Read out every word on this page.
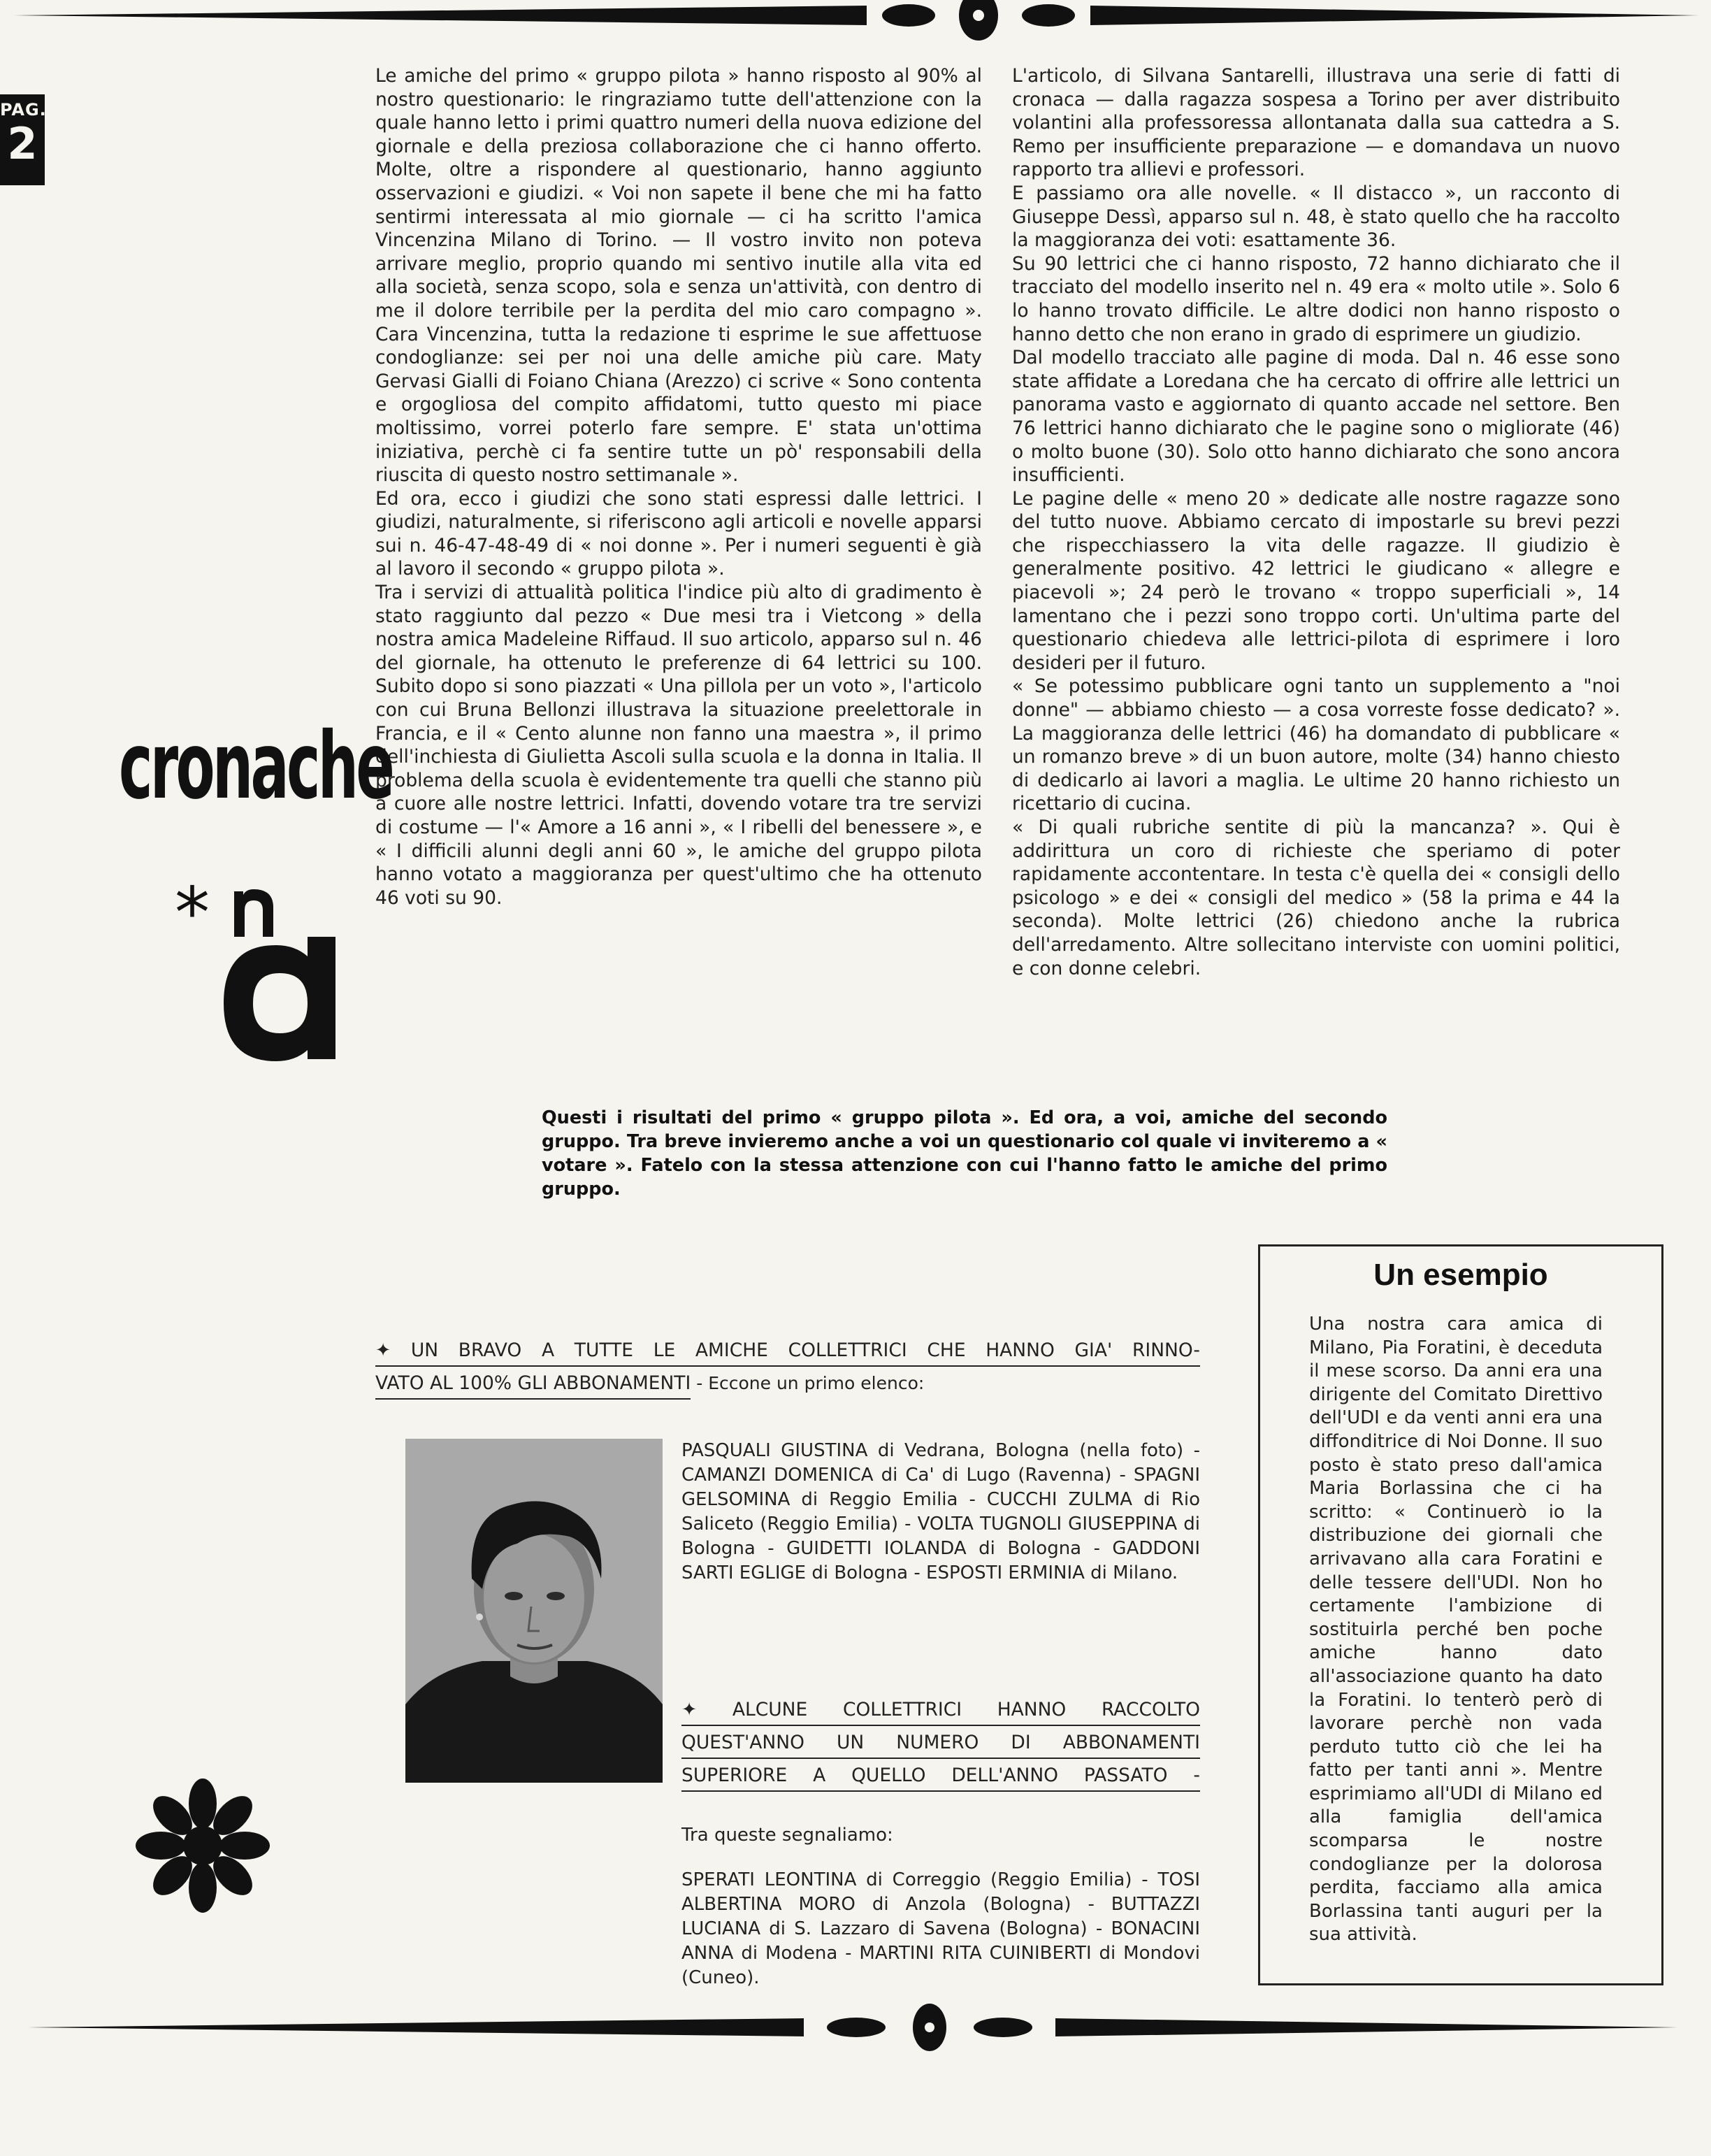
PAG.
2

Le amiche del primo « gruppo pilota » hanno risposto al 90% al nostro questionario: le ringraziamo tutte dell'attenzione con la quale hanno letto i primi quattro numeri della nuova edizione del giornale e della preziosa collaborazione che ci hanno offerto. Molte, oltre a rispondere al questionario, hanno aggiunto osservazioni e giudizi. « Voi non sapete il bene che mi ha fatto sentirmi interessata al mio giornale — ci ha scritto l'amica Vincenzina Milano di Torino. — Il vostro invito non poteva arrivare meglio, proprio quando mi sentivo inutile alla vita ed alla società, senza scopo, sola e senza un'attività, con dentro di me il dolore terribile per la perdita del mio caro compagno ». Cara Vincenzina, tutta la redazione ti esprime le sue affettuose condoglianze: sei per noi una delle amiche più care. Maty Gervasi Gialli di Foiano Chiana (Arezzo) ci scrive « Sono contenta e orgogliosa del compito affidatomi, tutto questo mi piace moltissimo, vorrei poterlo fare sempre. E' stata un'ottima iniziativa, perchè ci fa sentire tutte un pò' responsabili della riuscita di questo nostro settimanale ».

Ed ora, ecco i giudizi che sono stati espressi dalle lettrici. I giudizi, naturalmente, si riferiscono agli articoli e novelle apparsi sui n. 46-47-48-49 di « noi donne ». Per i numeri seguenti è già al lavoro il secondo « gruppo pilota ».

Tra i servizi di attualità politica l'indice più alto di gradimento è stato raggiunto dal pezzo « Due mesi tra i Vietcong » della nostra amica Madeleine Riffaud. Il suo articolo, apparso sul n. 46 del giornale, ha ottenuto le preferenze di 64 lettrici su 100. Subito dopo si sono piazzati « Una pillola per un voto », l'articolo con cui Bruna Bellonzi illustrava la situazione preelettorale in Francia, e il « Cento alunne non fanno una maestra », il primo dell'inchiesta di Giulietta Ascoli sulla scuola e la donna in Italia. Il problema della scuola è evidentemente tra quelli che stanno più a cuore alle nostre lettrici. Infatti, dovendo votare tra tre servizi di costume — l'« Amore a 16 anni », « I ribelli del benessere », e « I difficili alunni degli anni 60 », le amiche del gruppo pilota hanno votato a maggioranza per quest'ultimo che ha ottenuto 46 voti su 90.

L'articolo, di Silvana Santarelli, illustrava una serie di fatti di cronaca — dalla ragazza sospesa a Torino per aver distribuito volantini alla professoressa allontanata dalla sua cattedra a S. Remo per insufficiente preparazione — e domandava un nuovo rapporto tra allievi e professori.

E passiamo ora alle novelle. « Il distacco », un racconto di Giuseppe Dessì, apparso sul n. 48, è stato quello che ha raccolto la maggioranza dei voti: esattamente 36.

Su 90 lettrici che ci hanno risposto, 72 hanno dichiarato che il tracciato del modello inserito nel n. 49 era « molto utile ». Solo 6 lo hanno trovato difficile. Le altre dodici non hanno risposto o hanno detto che non erano in grado di esprimere un giudizio.

Dal modello tracciato alle pagine di moda. Dal n. 46 esse sono state affidate a Loredana che ha cercato di offrire alle lettrici un panorama vasto e aggiornato di quanto accade nel settore. Ben 76 lettrici hanno dichiarato che le pagine sono o migliorate (46) o molto buone (30). Solo otto hanno dichiarato che sono ancora insufficienti.

Le pagine delle « meno 20 » dedicate alle nostre ragazze sono del tutto nuove. Abbiamo cercato di impostarle su brevi pezzi che rispecchiassero la vita delle ragazze. Il giudizio è generalmente positivo. 42 lettrici le giudicano « allegre e piacevoli »; 24 però le trovano « troppo superficiali », 14 lamentano che i pezzi sono troppo corti. Un'ultima parte del questionario chiedeva alle lettrici-pilota di esprimere i loro desideri per il futuro.

« Se potessimo pubblicare ogni tanto un supplemento a "noi donne" — abbiamo chiesto — a cosa vorreste fosse dedicato? ». La maggioranza delle lettrici (46) ha domandato di pubblicare « un romanzo breve » di un buon autore, molte (34) hanno chiesto di dedicarlo ai lavori a maglia. Le ultime 20 hanno richiesto un ricettario di cucina.

« Di quali rubriche sentite di più la mancanza? ». Qui è addirittura un coro di richieste che speriamo di poter rapidamente accontentare. In testa c'è quella dei « consigli dello psicologo » e dei « consigli del medico » (58 la prima e 44 la seconda). Molte lettrici (26) chiedono anche la rubrica dell'arredamento. Altre sollecitano interviste con uomini politici, e con donne celebri.

cronache
*
Questi i risultati del primo « gruppo pilota ». Ed ora, a voi, amiche del secondo gruppo. Tra breve invieremo anche a voi un questionario col quale vi inviteremo a « votare ». Fatelo con la stessa attenzione con cui l'hanno fatto le amiche del primo gruppo.
✦ UN BRAVO A TUTTE LE AMICHE COLLETTRICI CHE HANNO GIA' RINNO-
VATO AL 100% GLI ABBONAMENTI - Eccone un primo elenco:
PASQUALI GIUSTINA di Vedrana, Bologna (nella foto) - CAMANZI DOMENICA di Ca' di Lugo (Ravenna) - SPAGNI GELSOMINA di Reggio Emilia - CUCCHI ZULMA di Rio Saliceto (Reggio Emilia) - VOLTA TUGNOLI GIUSEPPINA di Bologna - GUIDETTI IOLANDA di Bologna - GADDONI SARTI EGLIGE di Bologna - ESPOSTI ERMINIA di Milano.
✦ ALCUNE COLLETTRICI HANNO RACCOLTO
QUEST'ANNO UN NUMERO DI ABBONAMENTI
SUPERIORE A QUELLO DELL'ANNO PASSATO -
Tra queste segnaliamo:
SPERATI LEONTINA di Correggio (Reggio Emilia) - TOSI ALBERTINA MORO di Anzola (Bologna) - BUTTAZZI LUCIANA di S. Lazzaro di Savena (Bologna) - BONACINI ANNA di Modena - MARTINI RITA CUINIBERTI di Mondovi (Cuneo).
Un esempio
Una nostra cara amica di Milano, Pia Foratini, è deceduta il mese scorso. Da anni era una dirigente del Comitato Direttivo dell'UDI e da venti anni era una diffonditrice di Noi Donne. Il suo posto è stato preso dall'amica Maria Borlassina che ci ha scritto: « Continuerò io la distribuzione dei giornali che arrivavano alla cara Foratini e delle tessere dell'UDI. Non ho certamente l'ambizione di sostituirla perché ben poche amiche hanno dato all'associazione quanto ha dato la Foratini. Io tenterò però di lavorare perchè non vada perduto tutto ciò che lei ha fatto per tanti anni ». Mentre esprimiamo all'UDI di Milano ed alla famiglia dell'amica scomparsa le nostre condoglianze per la dolorosa perdita, facciamo alla amica Borlassina tanti auguri per la sua attività.
